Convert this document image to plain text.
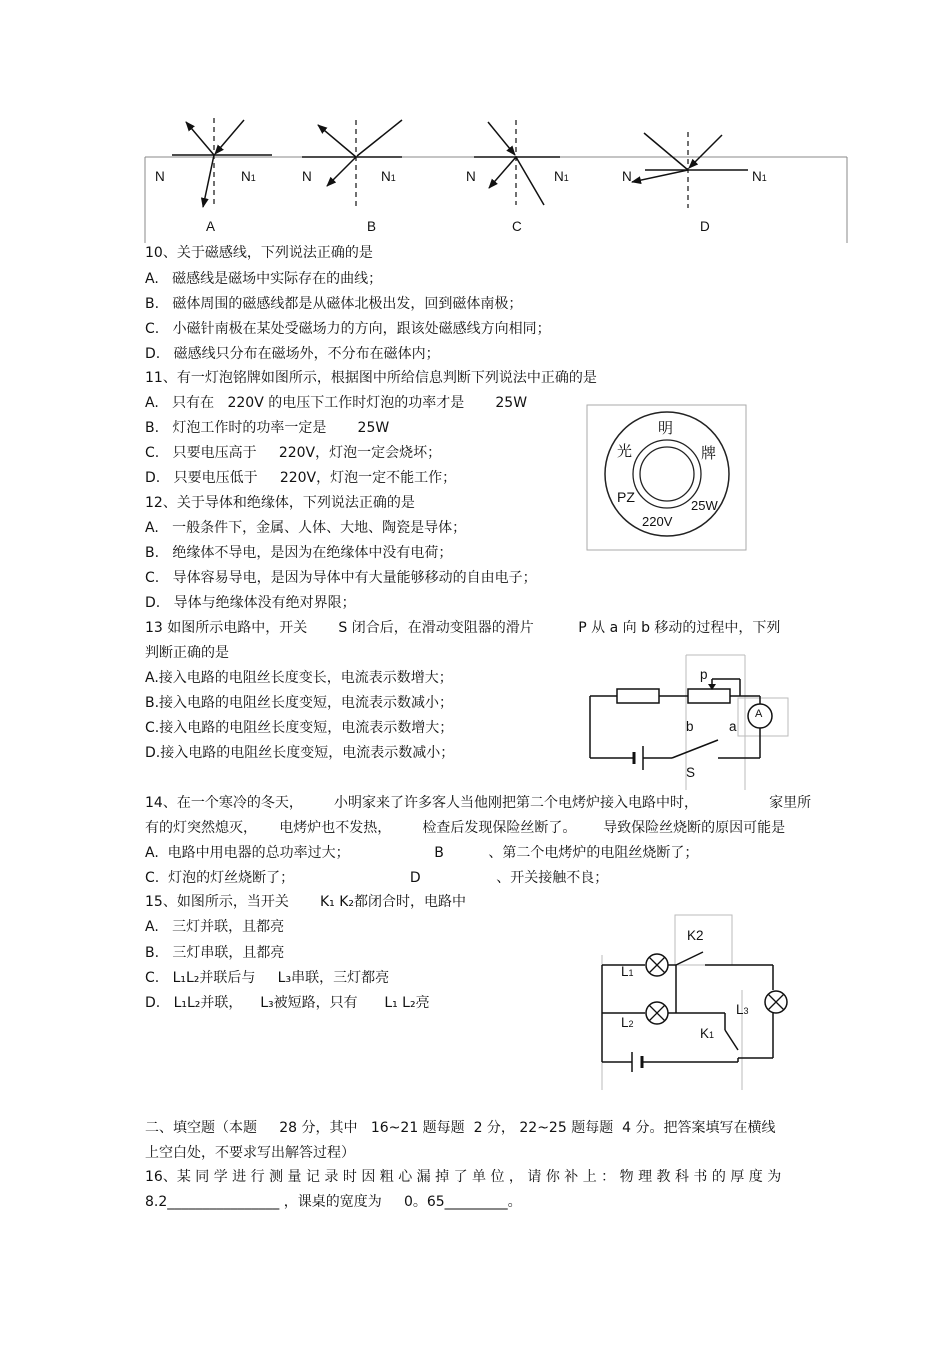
N	N1
A
N	N1
B
N	N1
C
N	N1
D
10、关于磁感线，下列说法正确的是
A.   磁感线是磁场中实际存在的曲线；
B.   磁体周围的磁感线都是从磁体北极出发，回到磁体南极；
C.   小磁针南极在某处受磁场力的方向，跟该处磁感线方向相同；
D.   磁感线只分布在磁场外，不分布在磁体内；
11、有一灯泡铭牌如图所示，根据图中所给信息判断下列说法中正确的是
A.   只有在   220V 的电压下工作时灯泡的功率才是       25W
B.   灯泡工作时的功率一定是       25W
C.   只要电压高于     220V，灯泡一定会烧坏；
D.   只要电压低于     220V，灯泡一定不能工作；
明
光	牌
PZ
25W
220V
12、关于导体和绝缘体，下列说法正确的是
A.   一般条件下，金属、人体、大地、陶瓷是导体；
B.   绝缘体不导电，是因为在绝缘体中没有电荷；
C.   导体容易导电，是因为导体中有大量能够移动的自由电子；
D.   导体与绝缘体没有绝对界限；
13 如图所示电路中，开关       S 闭合后，在滑动变阻器的滑片          P 从 a 向 b 移动的过程中，下列
判断正确的是
A.接入电路的电阻丝长度变长，电流表示数增大；
B.接入电路的电阻丝长度变短，电流表示数减小；
C.接入电路的电阻丝长度变短，电流表示数增大；
D.接入电路的电阻丝长度变短，电流表示数减小；
p
b	a
A
S
14、在一个寒冷的冬天，       小明家来了许多客人当他刚把第二个电烤炉接入电路中时，                家里所
有的灯突然熄灭，     电烤炉也不发热，       检查后发现保险丝断了。      导致保险丝烧断的原因可能是
A.  电路中用电器的总功率过大；                   B          、第二个电烤炉的电阻丝烧断了；
C.  灯泡的灯丝烧断了；                          D                 、开关接触不良；
15、如图所示，当开关       K₁ K₂都闭合时，电路中
A.   三灯并联，且都亮
B.   三灯串联，且都亮
C.   L₁L₂并联后与     L₃串联，三灯都亮
D.   L₁L₂并联，    L₃被短路，只有      L₁ L₂亮
K2
L1
L2
L3
K1
二、填空题（本题     28 分，其中   16~21 题每题  2 分， 22~25 题每题  4 分。把答案填写在横线
上空白处，不要求写出解答过程）
16、某 同 学 进 行 测 量 记 录 时 因 粗 心 漏 掉 了 单 位 ， 请 你 补 上 ： 物 理 教 科 书 的 厚 度 为
8.2________________ ，课桌的宽度为     0。65_________。
